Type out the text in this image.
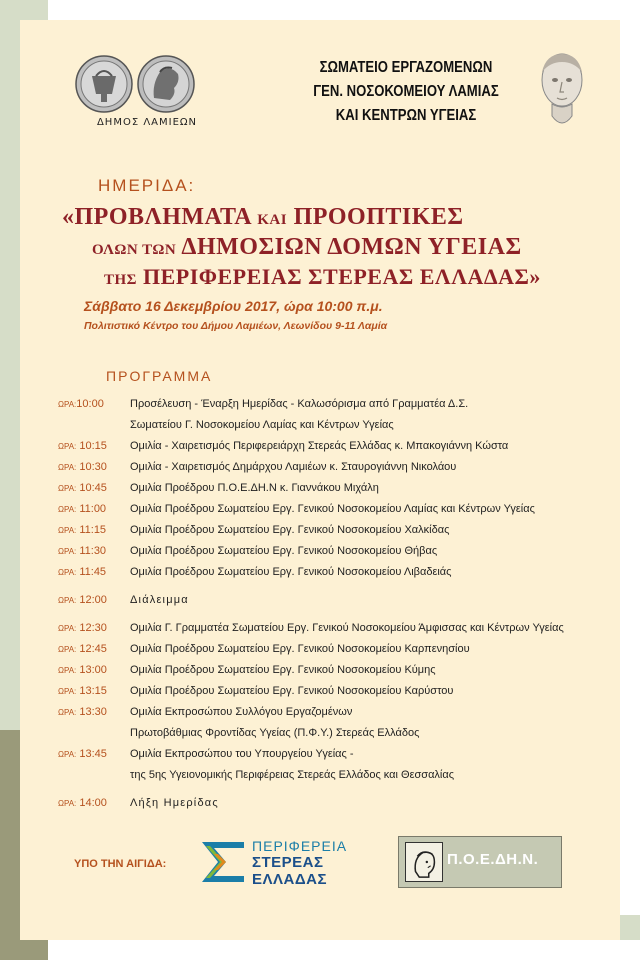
ΔΗΜΟΣ ΛΑΜΙΕΩΝ
ΣΩΜΑΤΕΙΟ ΕΡΓΑΖΟΜΕΝΩΝ
ΓΕΝ. ΝΟΣΟΚΟΜΕΙΟΥ ΛΑΜΙΑΣ
ΚΑΙ ΚΕΝΤΡΩΝ ΥΓΕΙΑΣ
ΗΜΕΡΙΔΑ:
«ΠΡΟΒΛΗΜΑΤΑ ΚΑΙ ΠΡΟΟΠΤΙΚΕΣ
ΟΛΩΝ ΤΩΝ ΔΗΜΟΣΙΩΝ ΔΟΜΩΝ ΥΓΕΙΑΣ
ΤΗΣ ΠΕΡΙΦΕΡΕΙΑΣ ΣΤΕΡΕΑΣ ΕΛΛΑΔΑΣ»
Σάββατο 16 Δεκεμβρίου 2017, ώρα 10:00 π.μ.
Πολιτιστικό Κέντρο του Δήμου Λαμιέων, Λεωνίδου 9-11 Λαμία
ΠΡΟΓΡΑΜΜΑ
ΩΡΑ:10:00 Προσέλευση - Έναρξη Ημερίδας - Καλωσόρισμα από Γραμματέα Δ.Σ.
Σωματείου Γ. Νοσοκομείου Λαμίας και Κέντρων Υγείας
ΩΡΑ: 10:15 Ομιλία - Χαιρετισμός Περιφερειάρχη Στερεάς Ελλάδας κ. Μπακογιάννη Κώστα
ΩΡΑ: 10:30 Ομιλία - Χαιρετισμός Δημάρχου Λαμιέων κ. Σταυρογιάννη Νικολάου
ΩΡΑ: 10:45 Ομιλία Προέδρου Π.Ο.Ε.ΔΗ.Ν κ. Γιαννάκου Μιχάλη
ΩΡΑ: 11:00 Ομιλία Προέδρου Σωματείου Εργ. Γενικού Νοσοκομείου Λαμίας και Κέντρων Υγείας
ΩΡΑ: 11:15 Ομιλία Προέδρου Σωματείου Εργ. Γενικού Νοσοκομείου Χαλκίδας
ΩΡΑ: 11:30 Ομιλία Προέδρου Σωματείου Εργ. Γενικού Νοσοκομείου Θήβας
ΩΡΑ: 11:45 Ομιλία Προέδρου Σωματείου Εργ. Γενικού Νοσοκομείου Λιβαδειάς
ΩΡΑ: 12:00 Διάλειμμα
ΩΡΑ: 12:30 Ομιλία Γ. Γραμματέα Σωματείου Εργ. Γενικού Νοσοκομείου Άμφισσας και Κέντρων Υγείας
ΩΡΑ: 12:45 Ομιλία Προέδρου Σωματείου Εργ. Γενικού Νοσοκομείου Καρπενησίου
ΩΡΑ: 13:00 Ομιλία Προέδρου Σωματείου Εργ. Γενικού Νοσοκομείου Κύμης
ΩΡΑ: 13:15 Ομιλία Προέδρου Σωματείου Εργ. Γενικού Νοσοκομείου Καρύστου
ΩΡΑ: 13:30 Ομιλία Εκπροσώπου Συλλόγου Εργαζομένων
Πρωτοβάθμιας Φροντίδας Υγείας (Π.Φ.Υ.) Στερεάς Ελλάδος
ΩΡΑ: 13:45 Ομιλία Εκπροσώπου του Υπουργείου Υγείας -
της 5ης Υγειονομικής Περιφέρειας Στερεάς Ελλάδος και Θεσσαλίας
ΩΡΑ: 14:00 Λήξη Ημερίδας
ΥΠΟ ΤΗΝ ΑΙΓΙΔΑ:
ΠΕΡΙΦΕΡΕΙΑ
ΣΤΕΡΕΑΣ
ΕΛΛΑΔΑΣ
Π.Ο.Ε.ΔΗ.Ν.
